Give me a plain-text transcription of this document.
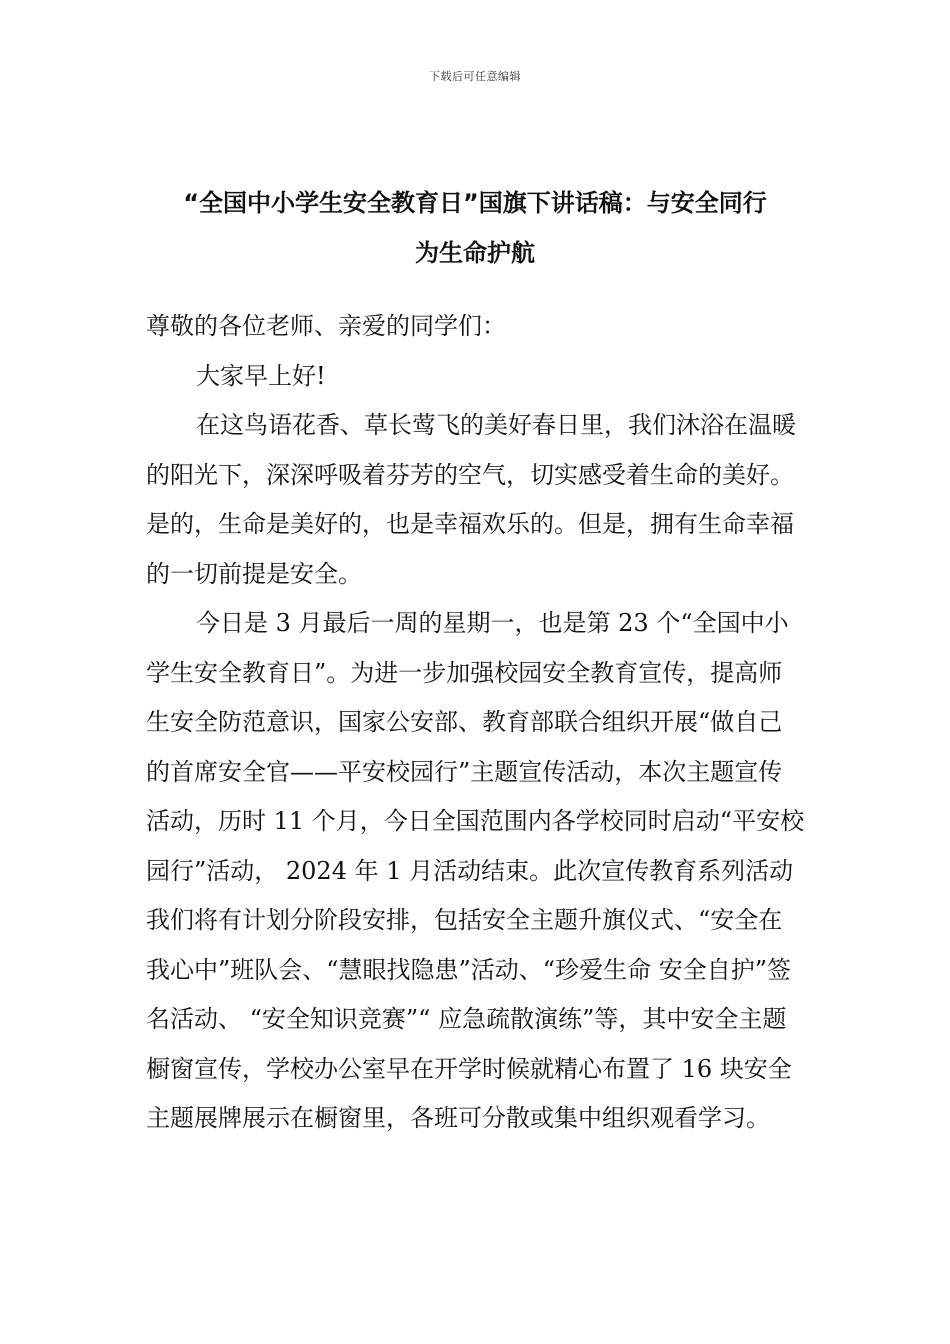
下载后可任意编辑
“全国中小学生安全教育日”国旗下讲话稿：与安全同行
为生命护航

尊敬的各位老师、亲爱的同学们：

大家早上好!

在这鸟语花香、草长莺飞的美好春日里，我们沐浴在温暖的阳光下，深深呼吸着芬芳的空气，切实感受着生命的美好。是的，生命是美好的，也是幸福欢乐的。但是，拥有生命幸福的一切前提是安全。

今日是 3 月最后一周的星期一，也是第 23 个“全国中小学生安全教育日”。为进一步加强校园安全教育宣传，提高师生安全防范意识，国家公安部、教育部联合组织开展“做自己的首席安全官——平安校园行”主题宣传活动，本次主题宣传活动，历时 11 个月，今日全国范围内各学校同时启动“平安校园行”活动， 2024 年 1 月活动结束。此次宣传教育系列活动我们将有计划分阶段安排，包括安全主题升旗仪式、“安全在我心中”班队会、“慧眼找隐患”活动、“珍爱生命 安全自护”签名活动、 “安全知识竞赛”“ 应急疏散演练”等，其中安全主题橱窗宣传，学校办公室早在开学时候就精心布置了 16 块安全主题展牌展示在橱窗里，各班可分散或集中组织观看学习。
